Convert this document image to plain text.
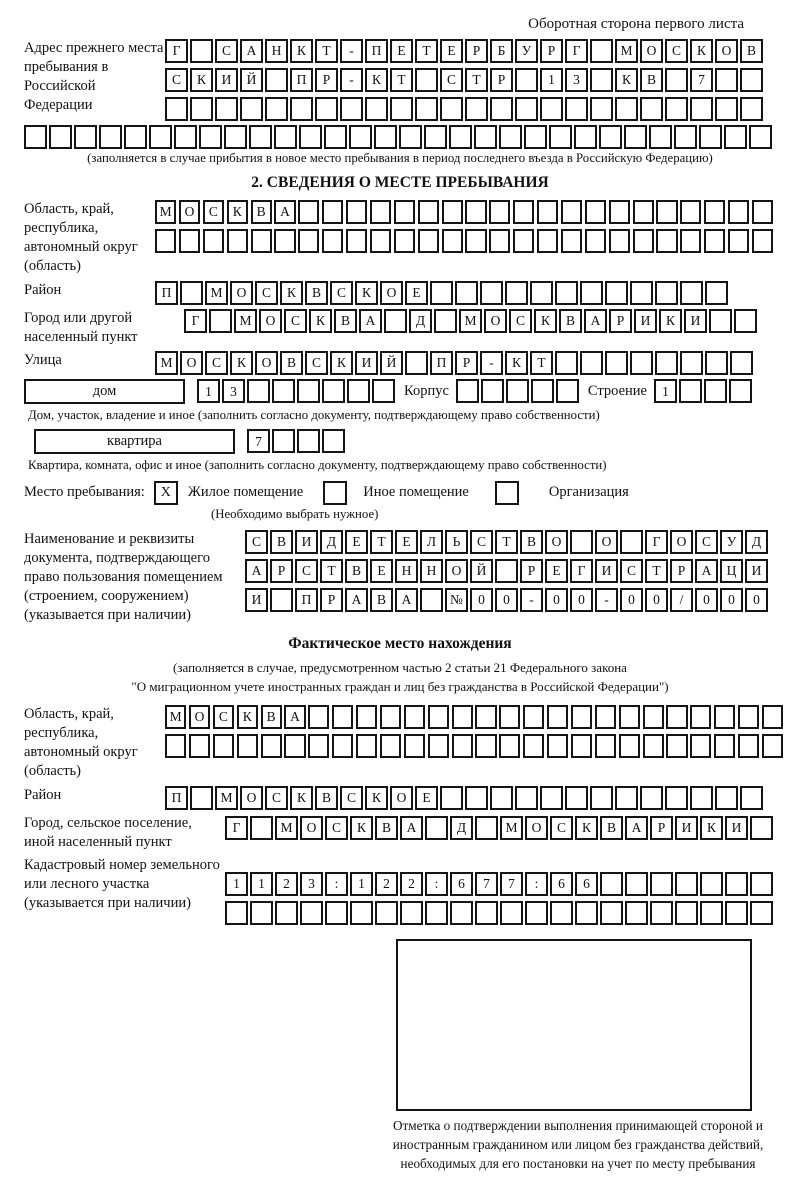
Оборотная сторона первого листа
Адрес прежнего места пребывания в Российской Федерации
Г	С	А	Н	К	Т	-	П	Е	Т	Е	Р	Б	У	Р	Г	М	О	С	К	О	В
С	К	И	Й	П	Р	-	К	Т	С	Т	Р	1	3	К	В	7
(заполняется в случае прибытия в новое место пребывания в период последнего въезда в Российскую Федерацию)
2. СВЕДЕНИЯ О МЕСТЕ ПРЕБЫВАНИЯ
Область, край, республика, автономный округ (область)
М О	С	К	В	А
Район	П	М	О	С	К	В	С	К	О	Е
Город или другой населенный пункт
Г	М	О	С	К	В	А	Д	М	О	С	К	В	А	Р	И	К	И
Улица	М	О	С	К	О	В	С	К	И	Й	П	Р	-	К	Т
дом	1	3	Корпус	Строение	1
Дом, участок, владение и иное (заполнить согласно документу, подтверждающему право собственности)
квартира	7
Квартира, комната, офис и иное (заполнить согласно документу, подтверждающему право собственности)
Место пребывания:	X	Жилое помещение	Иное помещение	Организация
(Необходимо выбрать нужное)
Наименование и реквизиты документа, подтверждающего право пользования помещением (строением, сооружением) (указывается при наличии)
С	В	И	Д	Е	Т	Е	Л	Ь	С	Т	В	О	О	Г	О	С	У	Д
А	Р	С	Т	В	Е	Н	Н	О	Й	Р	Е	Г	И	С	Т	Р	А	Ц	И
И	П	Р	А	В	А	№	0	0	-	0	0	-	0	0	/	0	0	0
Фактическое место нахождения
(заполняется в случае, предусмотренном частью 2 статьи 21 Федерального закона
"О миграционном учете иностранных граждан и лиц без гражданства в Российской Федерации")
Область, край, республика, автономный округ (область)
М О	С	К	В	А
Район	П	М	О	С	К	В	С	К	О	Е
Город, сельское поселение, иной населенный пункт
Г	М	О	С	К	В	А	Д	М	О	С	К	В	А	Р	И	К	И
Кадастровый номер земельного или лесного участка (указывается при наличии)
1	1	2	3	:	1	2	2	:	6	7	7	:	6	6
Отметка о подтверждении выполнения принимающей стороной и иностранным гражданином или лицом без гражданства действий, необходимых для его постановки на учет по месту пребывания
